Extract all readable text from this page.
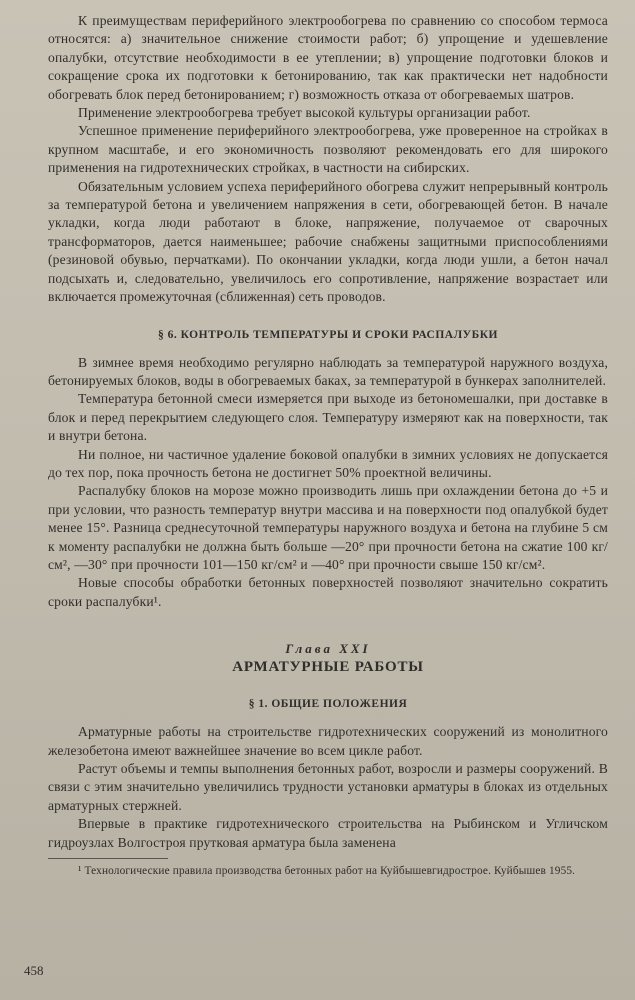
К преимуществам периферийного электрообогрева по сравнению со способом термоса относятся: а) значительное снижение стоимости работ; б) упрощение и удешевление опалубки, отсутствие необходимости в ее утеплении; в) упрощение подготовки блоков и сокращение срока их подготовки к бетонированию, так как практически нет надобности обогревать блок перед бетонированием; г) возможность отказа от обогреваемых шатров.

Применение электрообогрева требует высокой культуры организации работ.

Успешное применение периферийного электрообогрева, уже проверенное на стройках в крупном масштабе, и его экономичность позволяют рекомендовать его для широкого применения на гидротехнических стройках, в частности на сибирских.

Обязательным условием успеха периферийного обогрева служит непрерывный контроль за температурой бетона и увеличением напряжения в сети, обогревающей бетон. В начале укладки, когда люди работают в блоке, напряжение, получаемое от сварочных трансформаторов, дается наименьшее; рабочие снабжены защитными приспособлениями (резиновой обувью, перчатками). По окончании укладки, когда люди ушли, а бетон начал подсыхать и, следовательно, увеличилось его сопротивление, напряжение возрастает или включается промежуточная (сближенная) сеть проводов.

§ 6. КОНТРОЛЬ ТЕМПЕРАТУРЫ И СРОКИ РАСПАЛУБКИ

В зимнее время необходимо регулярно наблюдать за температурой наружного воздуха, бетонируемых блоков, воды в обогреваемых баках, за температурой в бункерах заполнителей.

Температура бетонной смеси измеряется при выходе из бетономешалки, при доставке в блок и перед перекрытием следующего слоя. Температуру измеряют как на поверхности, так и внутри бетона.

Ни полное, ни частичное удаление боковой опалубки в зимних условиях не допускается до тех пор, пока прочность бетона не достигнет 50% проектной величины.

Распалубку блоков на морозе можно производить лишь при охлаждении бетона до +5 и при условии, что разность температур внутри массива и на поверхности под опалубкой будет менее 15°. Разница среднесуточной температуры наружного воздуха и бетона на глубине 5 см к моменту распалубки не должна быть больше —20° при прочности бетона на сжатие 100 кг/см², —30° при прочности 101—150 кг/см² и —40° при прочности свыше 150 кг/см².

Новые способы обработки бетонных поверхностей позволяют значительно сократить сроки распалубки¹.

Глава XXI
АРМАТУРНЫЕ РАБОТЫ
§ 1. ОБЩИЕ ПОЛОЖЕНИЯ

Арматурные работы на строительстве гидротехнических сооружений из монолитного железобетона имеют важнейшее значение во всем цикле работ.

Растут объемы и темпы выполнения бетонных работ, возросли и размеры сооружений. В связи с этим значительно увеличились трудности установки арматуры в блоках из отдельных арматурных стержней.

Впервые в практике гидротехнического строительства на Рыбинском и Угличском гидроузлах Волгостроя прутковая арматура была заменена

¹ Технологические правила производства бетонных работ на Куйбышевгидрострое. Куйбышев 1955.

458
